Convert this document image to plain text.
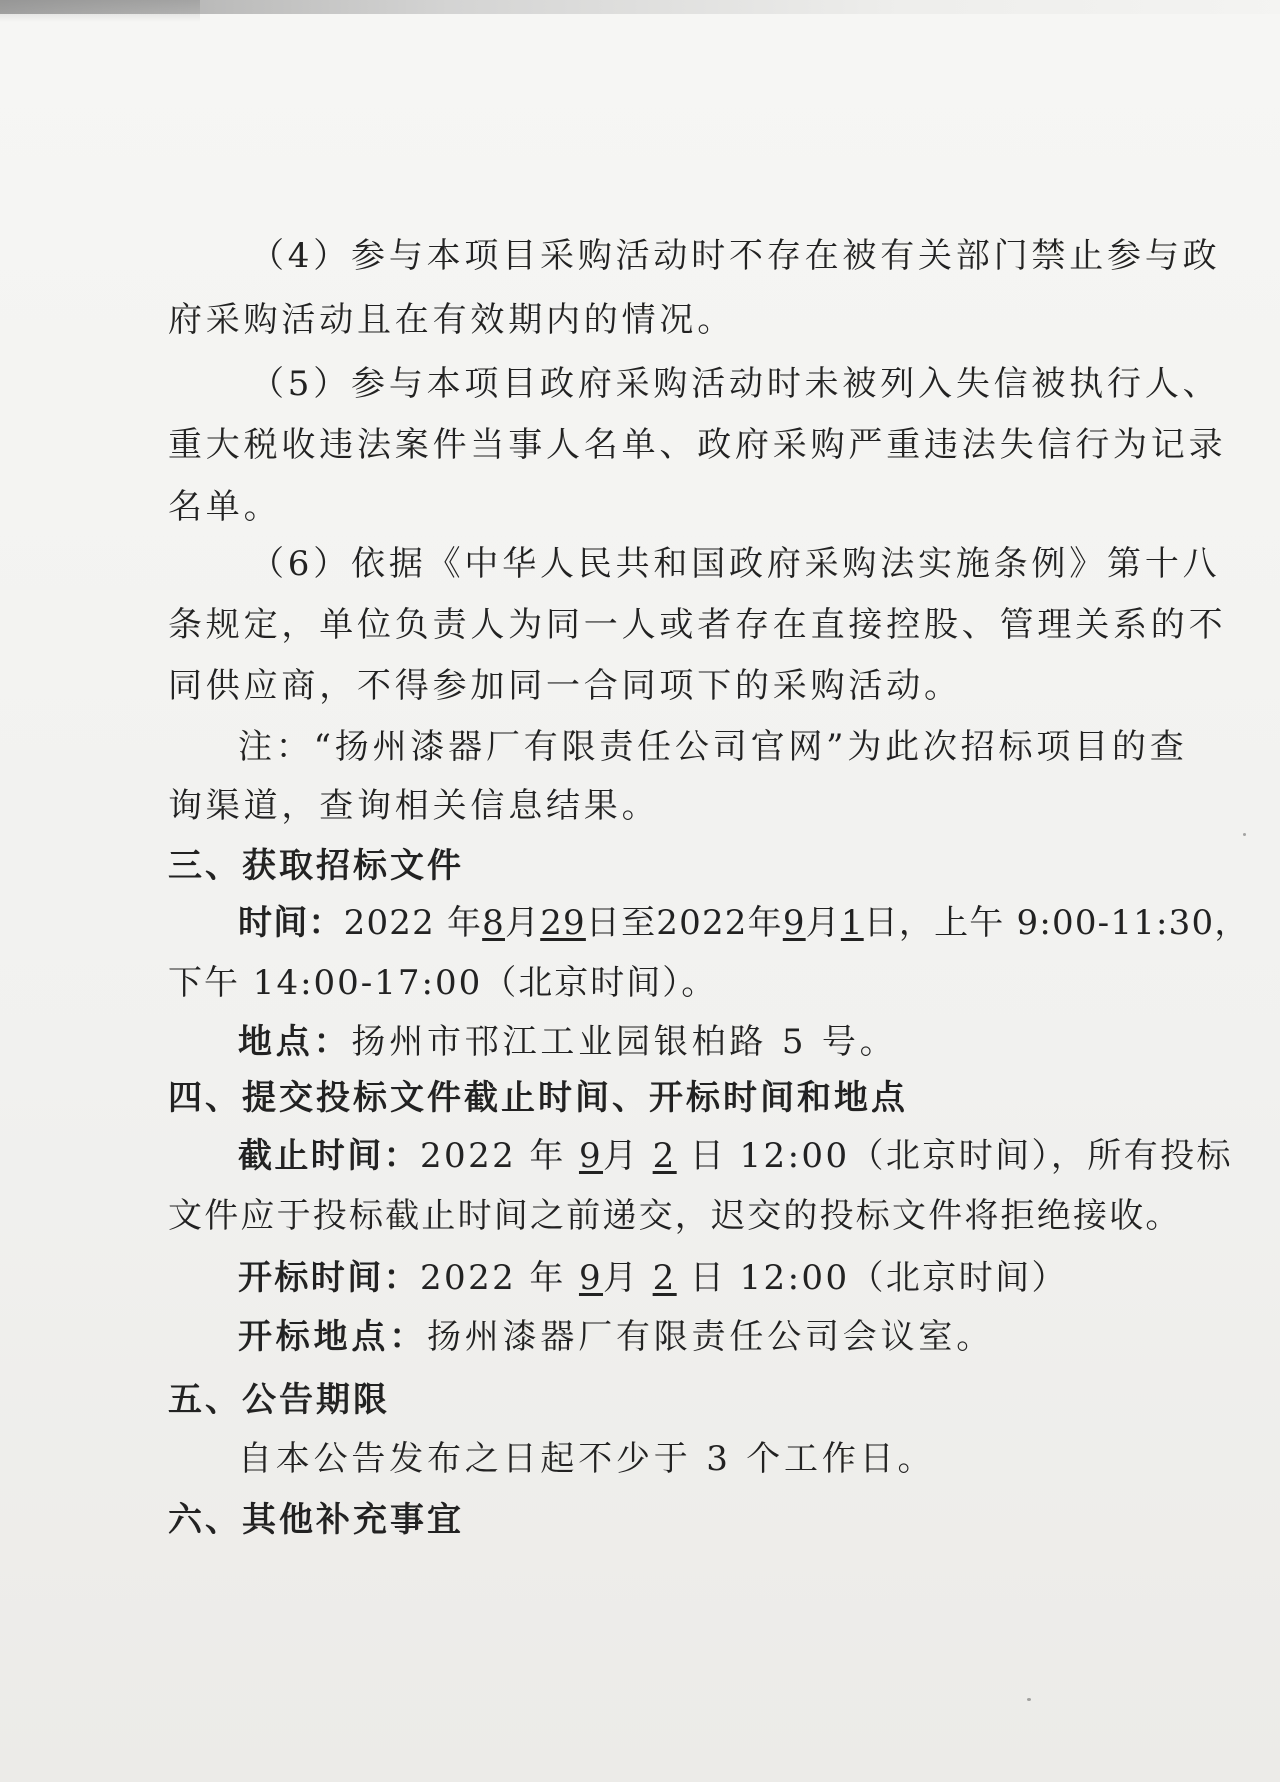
（4）参与本项目采购活动时不存在被有关部门禁止参与政
府采购活动且在有效期内的情况。
（5）参与本项目政府采购活动时未被列入失信被执行人、
重大税收违法案件当事人名单、政府采购严重违法失信行为记录
名单。
（6）依据《中华人民共和国政府采购法实施条例》第十八
条规定，单位负责人为同一人或者存在直接控股、管理关系的不
同供应商，不得参加同一合同项下的采购活动。
注：“扬州漆器厂有限责任公司官网”为此次招标项目的查
询渠道，查询相关信息结果。
三、获取招标文件
时间：2022 年8月29日至2022年9月1日，上午 9:00-11:30，
下午 14:00-17:00（北京时间）。
地点：扬州市邗江工业园银柏路 5 号。
四、提交投标文件截止时间、开标时间和地点
截止时间：2022 年 9月 2 日 12:00（北京时间），所有投标
文件应于投标截止时间之前递交，迟交的投标文件将拒绝接收。
开标时间：2022 年 9月 2 日 12:00（北京时间）
开标地点：扬州漆器厂有限责任公司会议室。
五、公告期限
自本公告发布之日起不少于 3 个工作日。
六、其他补充事宜
